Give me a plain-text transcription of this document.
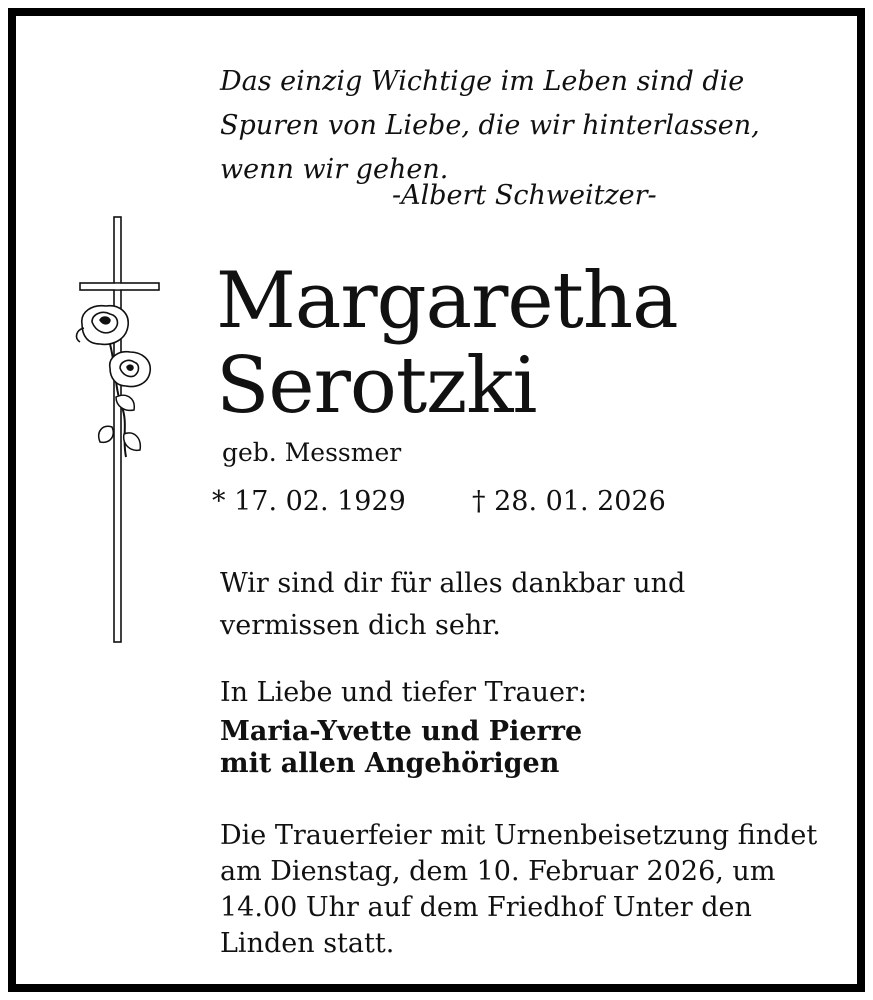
Das einzig Wichtige im Leben sind die
Spuren von Liebe, die wir hinterlassen,
wenn wir gehen.

-Albert Schweitzer-

Margaretha
Serotzki

geb. Messmer

* 17. 02. 1929 † 28. 01. 2026

Wir sind dir für alles dankbar und
vermissen dich sehr.

In Liebe und tiefer Trauer:

Maria-Yvette und Pierre

mit allen Angehörigen

Die Trauerfeier mit Urnenbeisetzung findet
am Dienstag, dem 10. Februar 2026, um
14.00 Uhr auf dem Friedhof Unter den
Linden statt.
